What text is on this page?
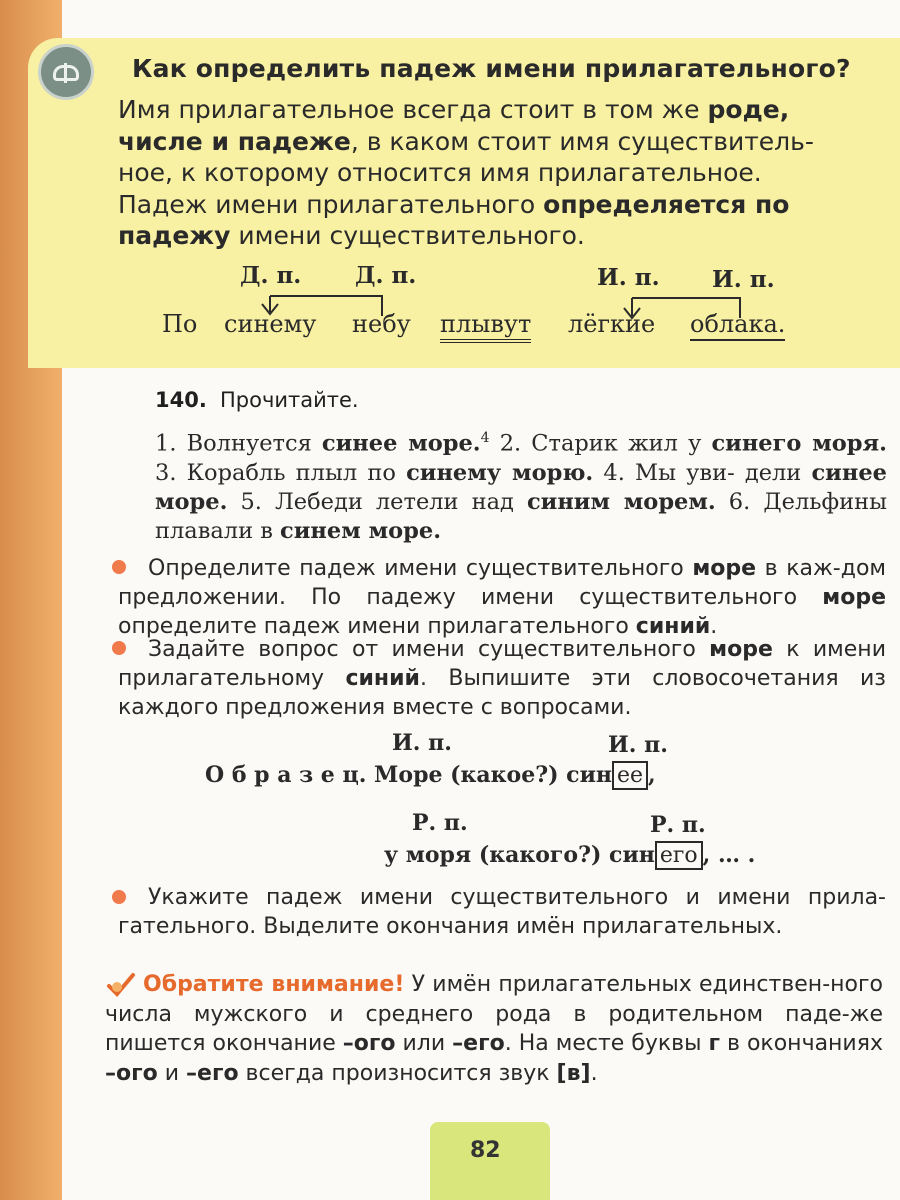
Как определить падеж имени прилагательного?
Имя прилагательное всегда стоит в том же роде,
числе и падеже, в каком стоит имя существитель-
ное, к которому относится имя прилагательное.
Падеж имени прилагательного определяется по
падежу имени существительного.
Д. п. Д. п.	И. п. И. п.
По синему небу плывут лёгкие облака.
140. Прочитайте.
1. Волнуется синее море.$^4$ 2. Старик жил у синего моря. 3. Корабль плыл по синему морю. 4. Мы уви- дели синее море. 5. Лебеди летели над синим морем. 6. Дельфины плавали в синем море.
Определите падеж имени существительного море в каж-дом предложении. По падежу имени существительного море определите падеж имени прилагательного синий.
Задайте вопрос от имени существительного море к имени прилагательному синий. Выпишите эти словосочетания из каждого предложения вместе с вопросами.
И. п.	И. п.
О б р а з е ц. Море (какое?) син ее ,
Р. п.	Р. п.
у моря (какого?) син его , … .
Укажите падеж имени существительного и имени прила-гательного. Выделите окончания имён прилагательных.
Обратите внимание! У имён прилагательных единствен-ного числа мужского и среднего рода в родительном паде-же пишется окончание –ого или –его. На месте буквы г в окончаниях –ого и –его всегда произносится звук [в].
82
